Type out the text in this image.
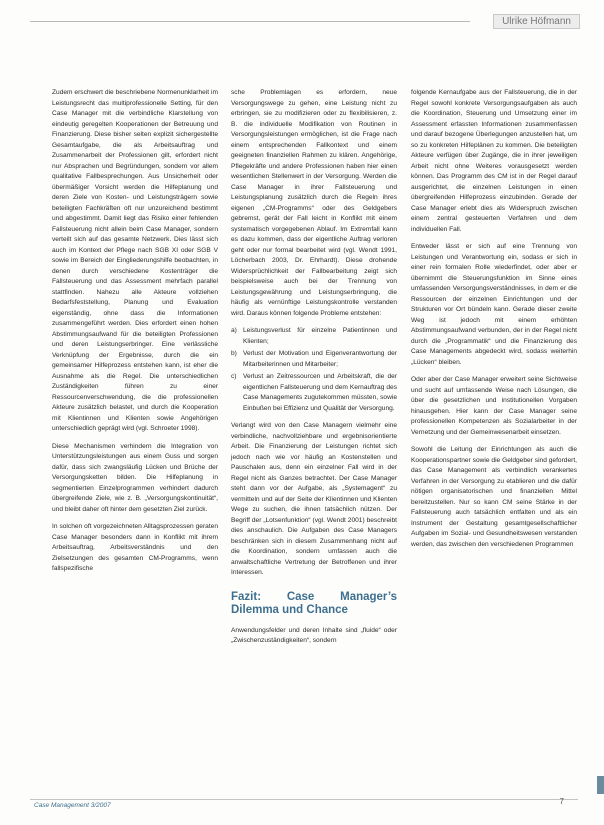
Ulrike Höfmann

Zudem erschwert die beschriebene Normenunklarheit im Leistungsrecht das multiprofessionelle Setting, für den Case Manager mit die verbindliche Klarstellung von eindeutig geregelten Kooperationen der Betreuung und Finanzierung. Diese bisher selten explizit sichergestellte Gesamtaufgabe, die als Arbeitsauftrag und Zusammenarbeit der Professionen gilt, erfordert nicht nur Absprachen und Begründungen, sondern vor allem qualitative Fallbesprechungen. Aus Unsicherheit oder übermäßiger Vorsicht werden die Hilfeplanung und deren Ziele von Kosten- und Leistungsträgern sowie beteiligten Fachkräften oft nur unzureichend bestimmt und abgestimmt. Damit liegt das Risiko einer fehlenden Fallsteuerung nicht allein beim Case Manager, sondern verteilt sich auf das gesamte Netzwerk. Dies lässt sich auch im Kontext der Pflege nach SGB XI oder SGB V sowie im Bereich der Eingliederungshilfe beobachten, in denen durch verschiedene Kostenträger die Fallsteuerung und das Assessment mehrfach parallel stattfinden. Nahezu alle Akteure vollziehen Bedarfsfeststellung, Planung und Evaluation eigenständig, ohne dass die Informationen zusammengeführt werden. Dies erfordert einen hohen Abstimmungsaufwand für die beteiligten Professionen und deren Leistungserbringer. Eine verlässliche Verknüpfung der Ergebnisse, durch die ein gemeinsamer Hilfeprozess entstehen kann, ist eher die Ausnahme als die Regel. Die unterschiedlichen Zuständigkeiten führen zu einer Ressourcenverschwendung, die die professionellen Akteure zusätzlich belastet, und durch die Kooperation mit Klientinnen und Klienten sowie Angehörigen unterschiedlich geprägt wird (vgl. Schroeter 1998).

Diese Mechanismen verhindern die Integration von Unterstützungsleistungen aus einem Guss und sorgen dafür, dass sich zwangsläufig Lücken und Brüche der Versorgungsketten bilden. Die Hilfeplanung in segmentierten Einzelprogrammen verhindert dadurch übergreifende Ziele, wie z. B. „Versorgungskontinuität“, und bleibt daher oft hinter dem gesetzten Ziel zurück.

In solchen oft vorgezeichneten Alltagsprozessen geraten Case Manager besonders dann in Konflikt mit ihrem Arbeitsauftrag, Arbeitsverständnis und den Zielsetzungen des gesamten CM-Programms, wenn fallspezifische

sche Problemlagen es erfordern, neue Versorgungswege zu gehen, eine Leistung nicht zu erbringen, sie zu modifizieren oder zu flexibilisieren, z. B. die individuelle Modifikation von Routinen in Versorgungsleistungen ermöglichen, ist die Frage nach einem entsprechenden Fallkontext und einem geeigneten finanziellen Rahmen zu klären. Angehörige, Pflegekräfte und andere Professionen haben hier einen wesentlichen Stellenwert in der Versorgung. Werden die Case Manager in ihrer Fallsteuerung und Leistungsplanung zusätzlich durch die Regeln ihres eigenen „CM-Programms“ oder des Geldgebers gebremst, gerät der Fall leicht in Konflikt mit einem systematisch vorgegebenen Ablauf. Im Extremfall kann es dazu kommen, dass der eigentliche Auftrag verloren geht oder nur formal bearbeitet wird (vgl. Wendt 1991, Löcherbach 2003, Dr. Ehrhardt). Diese drohende Widersprüchlichkeit der Fallbearbeitung zeigt sich beispielsweise auch bei der Trennung von Leistungsgewährung und Leistungserbringung, die häufig als vernünftige Leistungskontrolle verstanden wird. Daraus können folgende Probleme entstehen:

a) Leistungsverlust für einzelne Patientinnen und Klienten;
b) Verlust der Motivation und Eigenverantwortung der Mitarbeiterinnen und Mitarbeiter;
c) Verlust an Zeitressourcen und Arbeitskraft, die der eigentlichen Fallsteuerung und dem Kernauftrag des Case Managements zugutekommen müssten, sowie Einbußen bei Effizienz und Qualität der Versorgung.

Verlangt wird von den Case Managern vielmehr eine verbindliche, nachvollziehbare und ergebnisorientierte Arbeit. Die Finanzierung der Leistungen richtet sich jedoch nach wie vor häufig an Kostenstellen und Pauschalen aus, denn ein einzelner Fall wird in der Regel nicht als Ganzes betrachtet. Der Case Manager steht dann vor der Aufgabe, als „Systemagent“ zu vermitteln und auf der Seite der Klientinnen und Klienten Wege zu suchen, die ihnen tatsächlich nützen. Der Begriff der „Lotsenfunktion“ (vgl. Wendt 2001) beschreibt dies anschaulich. Die Aufgaben des Case Managers beschränken sich in diesem Zusammenhang nicht auf die Koordination, sondern umfassen auch die anwaltschaftliche Vertretung der Betroffenen und ihrer Interessen.

Fazit: Case Manager’s Dilemma und Chance

Anwendungsfelder und deren Inhalte sind „fluide“ oder „Zwischenzuständigkeiten“, sondern

folgende Kernaufgabe aus der Fallsteuerung, die in der Regel sowohl konkrete Versorgungsaufgaben als auch die Koordination, Steuerung und Umsetzung einer im Assessment erfassten Informationen zusammenfassen und darauf bezogene Überlegungen anzustellen hat, um so zu konkreten Hilfeplänen zu kommen. Die beteiligten Akteure verfügen über Zugänge, die in ihrer jeweiligen Arbeit nicht ohne Weiteres vorausgesetzt werden können. Das Programm des CM ist in der Regel darauf ausgerichtet, die einzelnen Leistungen in einen übergreifenden Hilfeprozess einzubinden. Gerade der Case Manager erlebt dies als Widerspruch zwischen einem zentral gesteuerten Verfahren und dem individuellen Fall.

Entweder lässt er sich auf eine Trennung von Leistungen und Verantwortung ein, sodass er sich in einer rein formalen Rolle wiederfindet, oder aber er übernimmt die Steuerungsfunktion im Sinne eines umfassenden Versorgungsverständnisses, in dem er die Ressourcen der einzelnen Einrichtungen und der Strukturen vor Ort bündeln kann. Gerade dieser zweite Weg ist jedoch mit einem erhöhten Abstimmungsaufwand verbunden, der in der Regel nicht durch die „Programmatik“ und die Finanzierung des Case Managements abgedeckt wird, sodass weiterhin „Lücken“ bleiben.

Oder aber der Case Manager erweitert seine Sichtweise und sucht auf umfassende Weise nach Lösungen, die über die gesetzlichen und institutionellen Vorgaben hinausgehen. Hier kann der Case Manager seine professionellen Kompetenzen als Sozialarbeiter in der Vernetzung und der Gemeinwesenarbeit einsetzen.

Sowohl die Leitung der Einrichtungen als auch die Kooperationspartner sowie die Geldgeber sind gefordert, das Case Management als verbindlich verankertes Verfahren in der Versorgung zu etablieren und die dafür nötigen organisatorischen und finanziellen Mittel bereitzustellen. Nur so kann CM seine Stärke in der Fallsteuerung auch tatsächlich entfalten und als ein Instrument der Gestaltung gesamtgesellschaftlicher Aufgaben im Sozial- und Gesundheitswesen verstanden werden, das zwischen den verschiedenen Programmen

Case Management 3/2007	7
